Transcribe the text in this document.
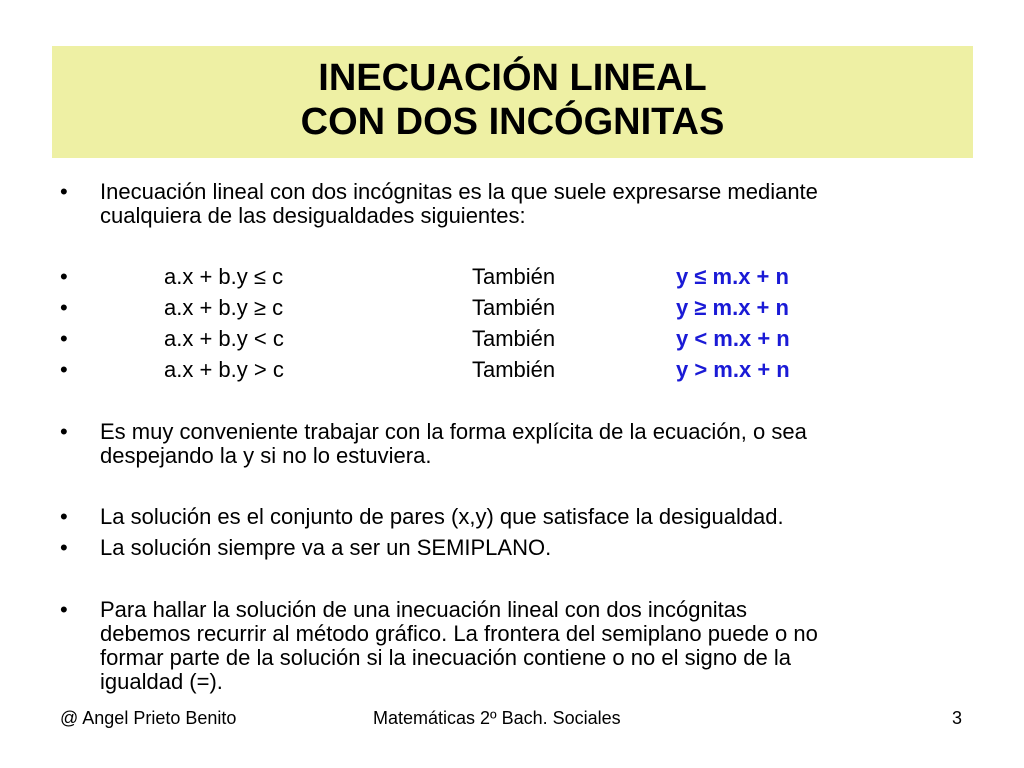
INECUACIÓN LINEAL
CON DOS INCÓGNITAS
• Inecuación lineal con dos incógnitas es la que suele expresarse mediante
cualquiera de las desigualdades siguientes:

•	a.x + b.y ≤ c	También	y ≤ m.x + n
•	a.x + b.y ≥ c	También	y ≥ m.x + n
•	a.x + b.y < c	También	y < m.x + n
•	a.x + b.y > c	También	y > m.x + n
• Es muy conveniente trabajar con la forma explícita de la ecuación, o sea
despejando la y si no lo estuviera.

• La solución es el conjunto de pares (x,y) que satisface la desigualdad.

• La solución siempre va a ser un SEMIPLANO.

• Para hallar la solución de una inecuación lineal con dos incógnitas
debemos recurrir al método gráfico. La frontera del semiplano puede o no
formar parte de la solución si la inecuación contiene o no el signo de la
igualdad (=).

@ Angel Prieto Benito	Matemáticas 2º Bach. Sociales	3
